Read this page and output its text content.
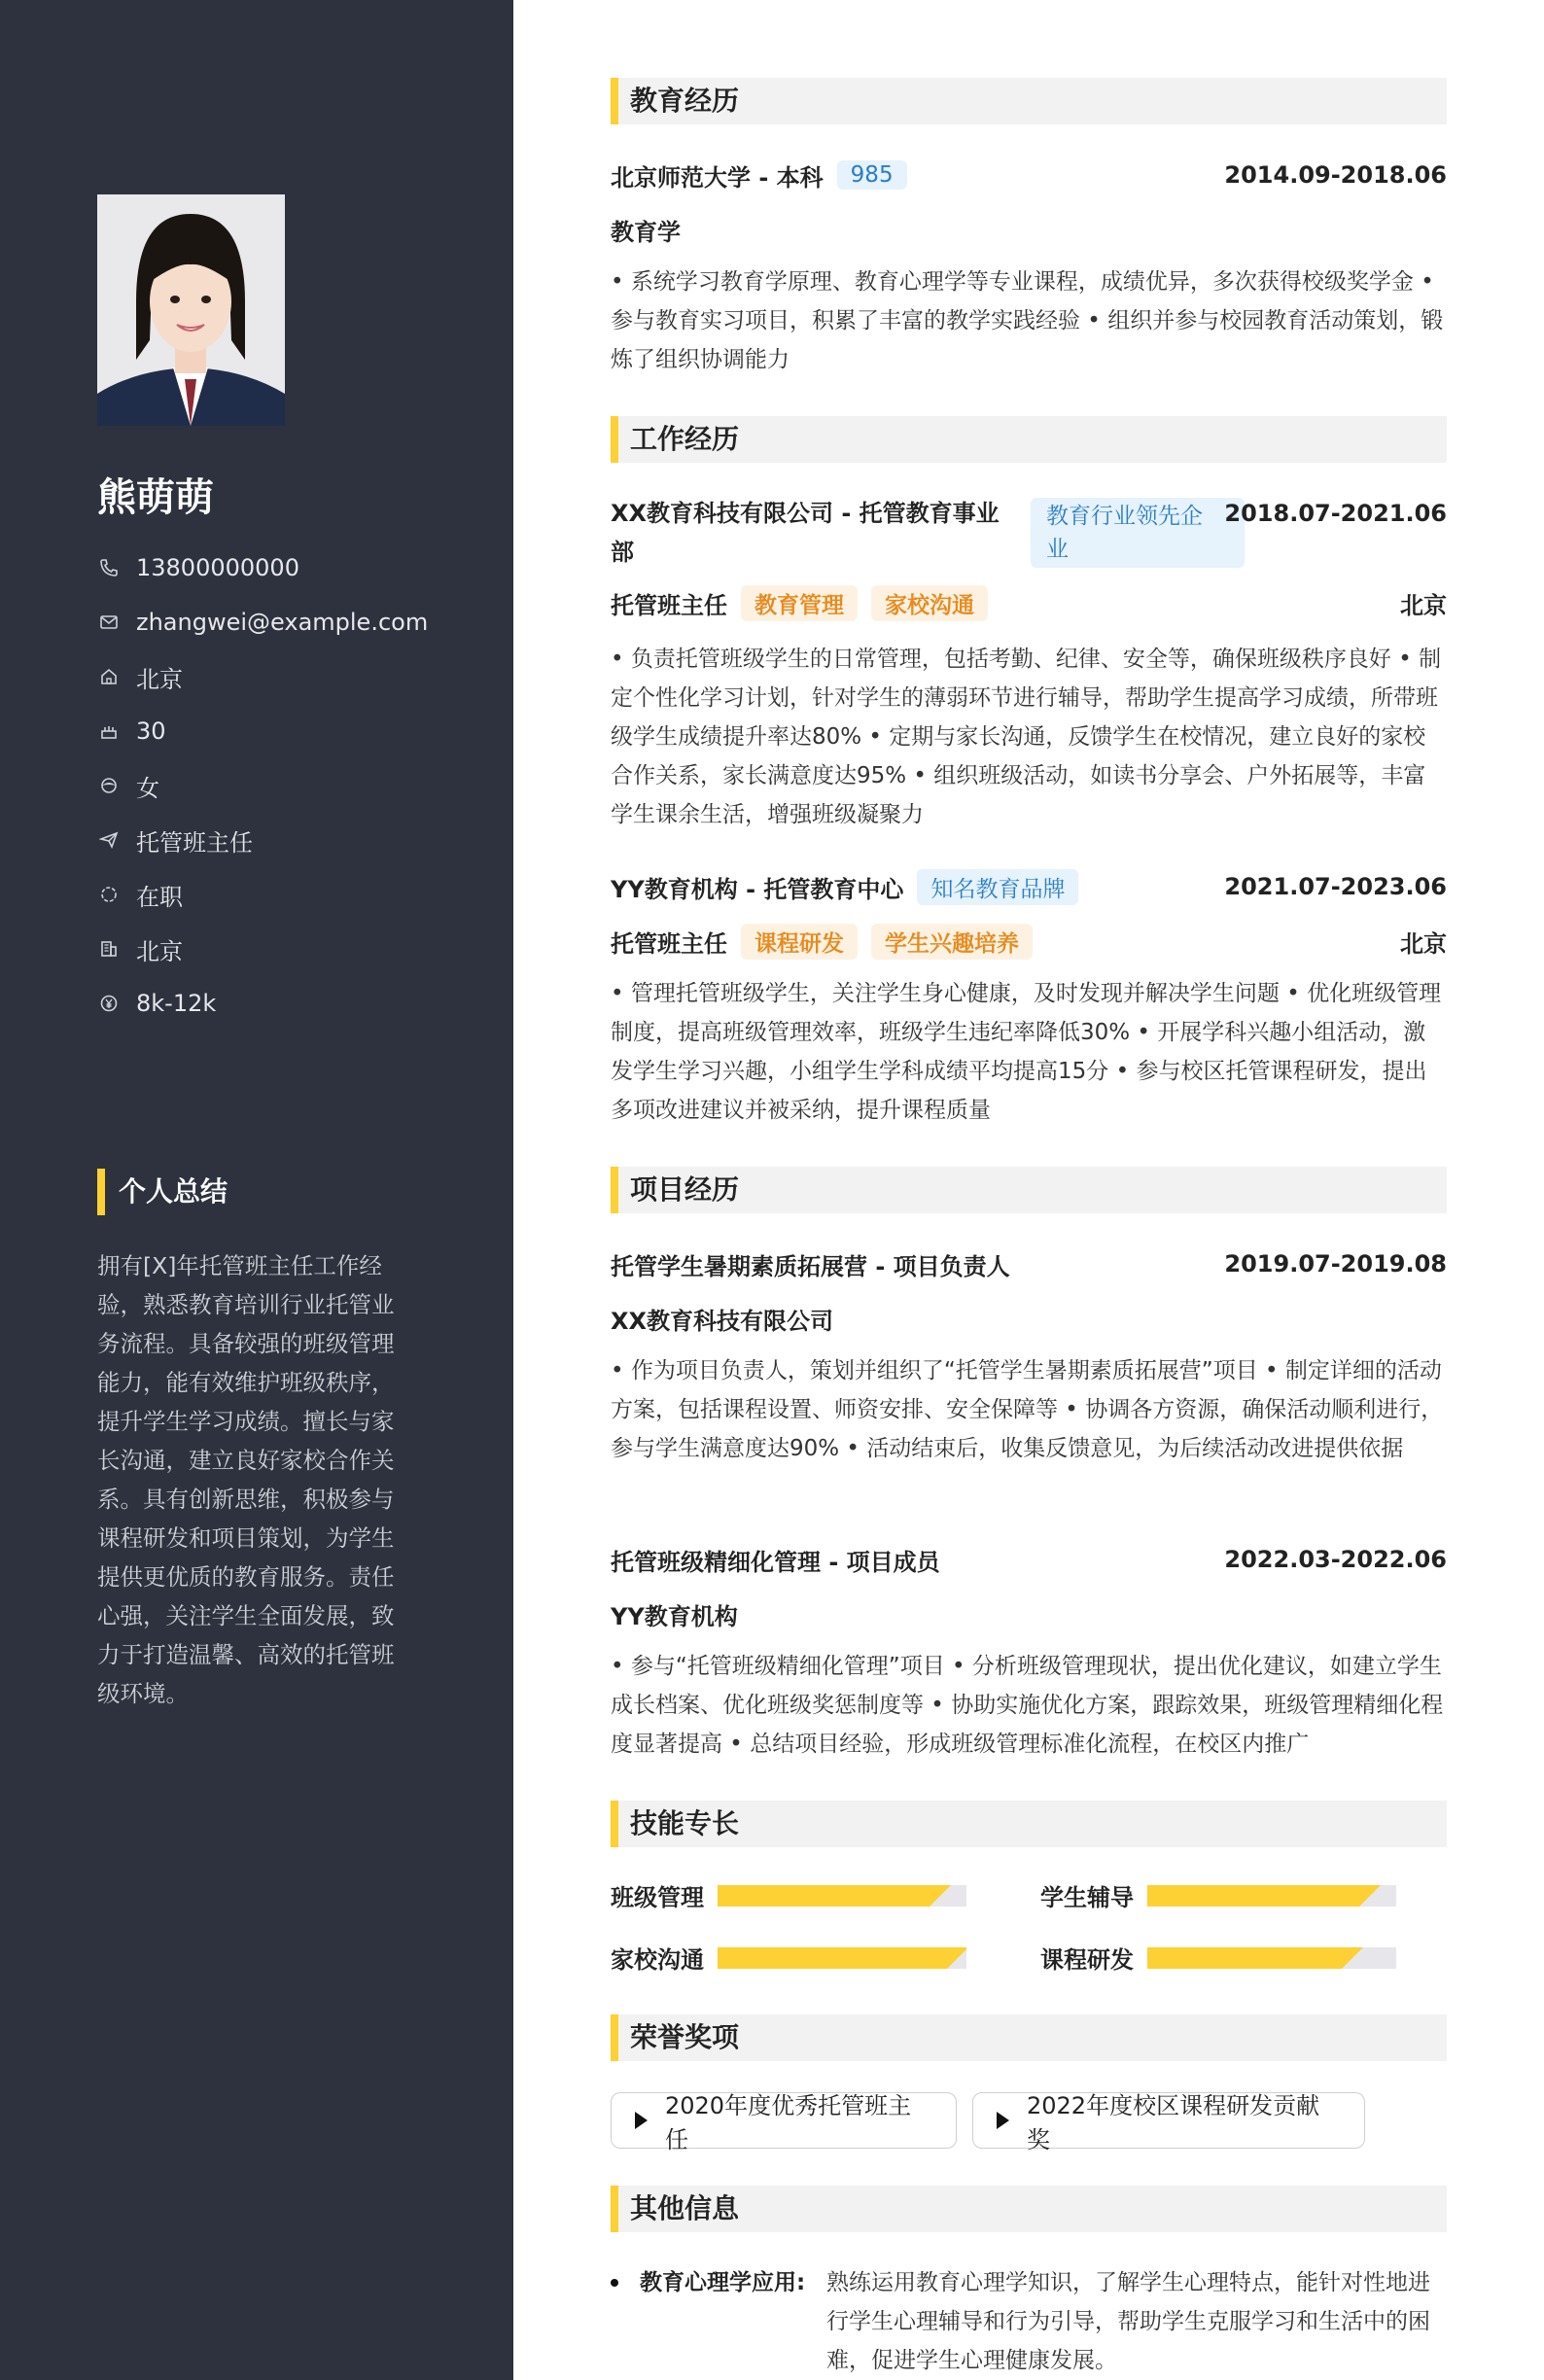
熊萌萌
13800000000
zhangwei@example.com
北京
30
女
托管班主任
在职
北京
8k-12k
个人总结
拥有[X]年托管班主任工作经验，熟悉教育培训行业托管业务流程。具备较强的班级管理能力，能有效维护班级秩序，提升学生学习成绩。擅长与家长沟通，建立良好家校合作关系。具有创新思维，积极参与课程研发和项目策划，为学生提供更优质的教育服务。责任心强，关注学生全面发展，致力于打造温馨、高效的托管班级环境。
教育经历
北京师范大学 - 本科	985	2014.09-2018.06
教育学
• 系统学习教育学原理、教育心理学等专业课程，成绩优异，多次获得校级奖学金 • 参与教育实习项目，积累了丰富的教学实践经验 • 组织并参与校园教育活动策划，锻炼了组织协调能力
工作经历
XX教育科技有限公司 - 托管教育事业
部
教育行业领先企
业
2018.07-2021.06
托管班主任	教育管理	家校沟通	北京
• 负责托管班级学生的日常管理，包括考勤、纪律、安全等，确保班级秩序良好 • 制定个性化学习计划，针对学生的薄弱环节进行辅导，帮助学生提高学习成绩，所带班级学生成绩提升率达80% • 定期与家长沟通，反馈学生在校情况，建立良好的家校合作关系，家长满意度达95% • 组织班级活动，如读书分享会、户外拓展等，丰富学生课余生活，增强班级凝聚力
YY教育机构 - 托管教育中心	知名教育品牌	2021.07-2023.06
托管班主任	课程研发	学生兴趣培养	北京
• 管理托管班级学生，关注学生身心健康，及时发现并解决学生问题 • 优化班级管理制度，提高班级管理效率，班级学生违纪率降低30% • 开展学科兴趣小组活动，激发学生学习兴趣，小组学生学科成绩平均提高15分 • 参与校区托管课程研发，提出多项改进建议并被采纳，提升课程质量
项目经历
托管学生暑期素质拓展营 - 项目负责人	2019.07-2019.08
XX教育科技有限公司
• 作为项目负责人，策划并组织了“托管学生暑期素质拓展营”项目 • 制定详细的活动方案，包括课程设置、师资安排、安全保障等 • 协调各方资源，确保活动顺利进行，参与学生满意度达90% • 活动结束后，收集反馈意见，为后续活动改进提供依据
托管班级精细化管理 - 项目成员	2022.03-2022.06
YY教育机构
• 参与“托管班级精细化管理”项目 • 分析班级管理现状，提出优化建议，如建立学生成长档案、优化班级奖惩制度等 • 协助实施优化方案，跟踪效果，班级管理精细化程度显著提高 • 总结项目经验，形成班级管理标准化流程，在校区内推广
技能专长
班级管理	学生辅导
家校沟通	课程研发
荣誉奖项
2020年度优秀托管班主任
2022年度校区课程研发贡献奖
其他信息
教育心理学应用: 熟练运用教育心理学知识，了解学生心理特点，能针对性地进行学生心理辅导和行为引导，帮助学生克服学习和生活中的困难，促进学生心理健康发展。
